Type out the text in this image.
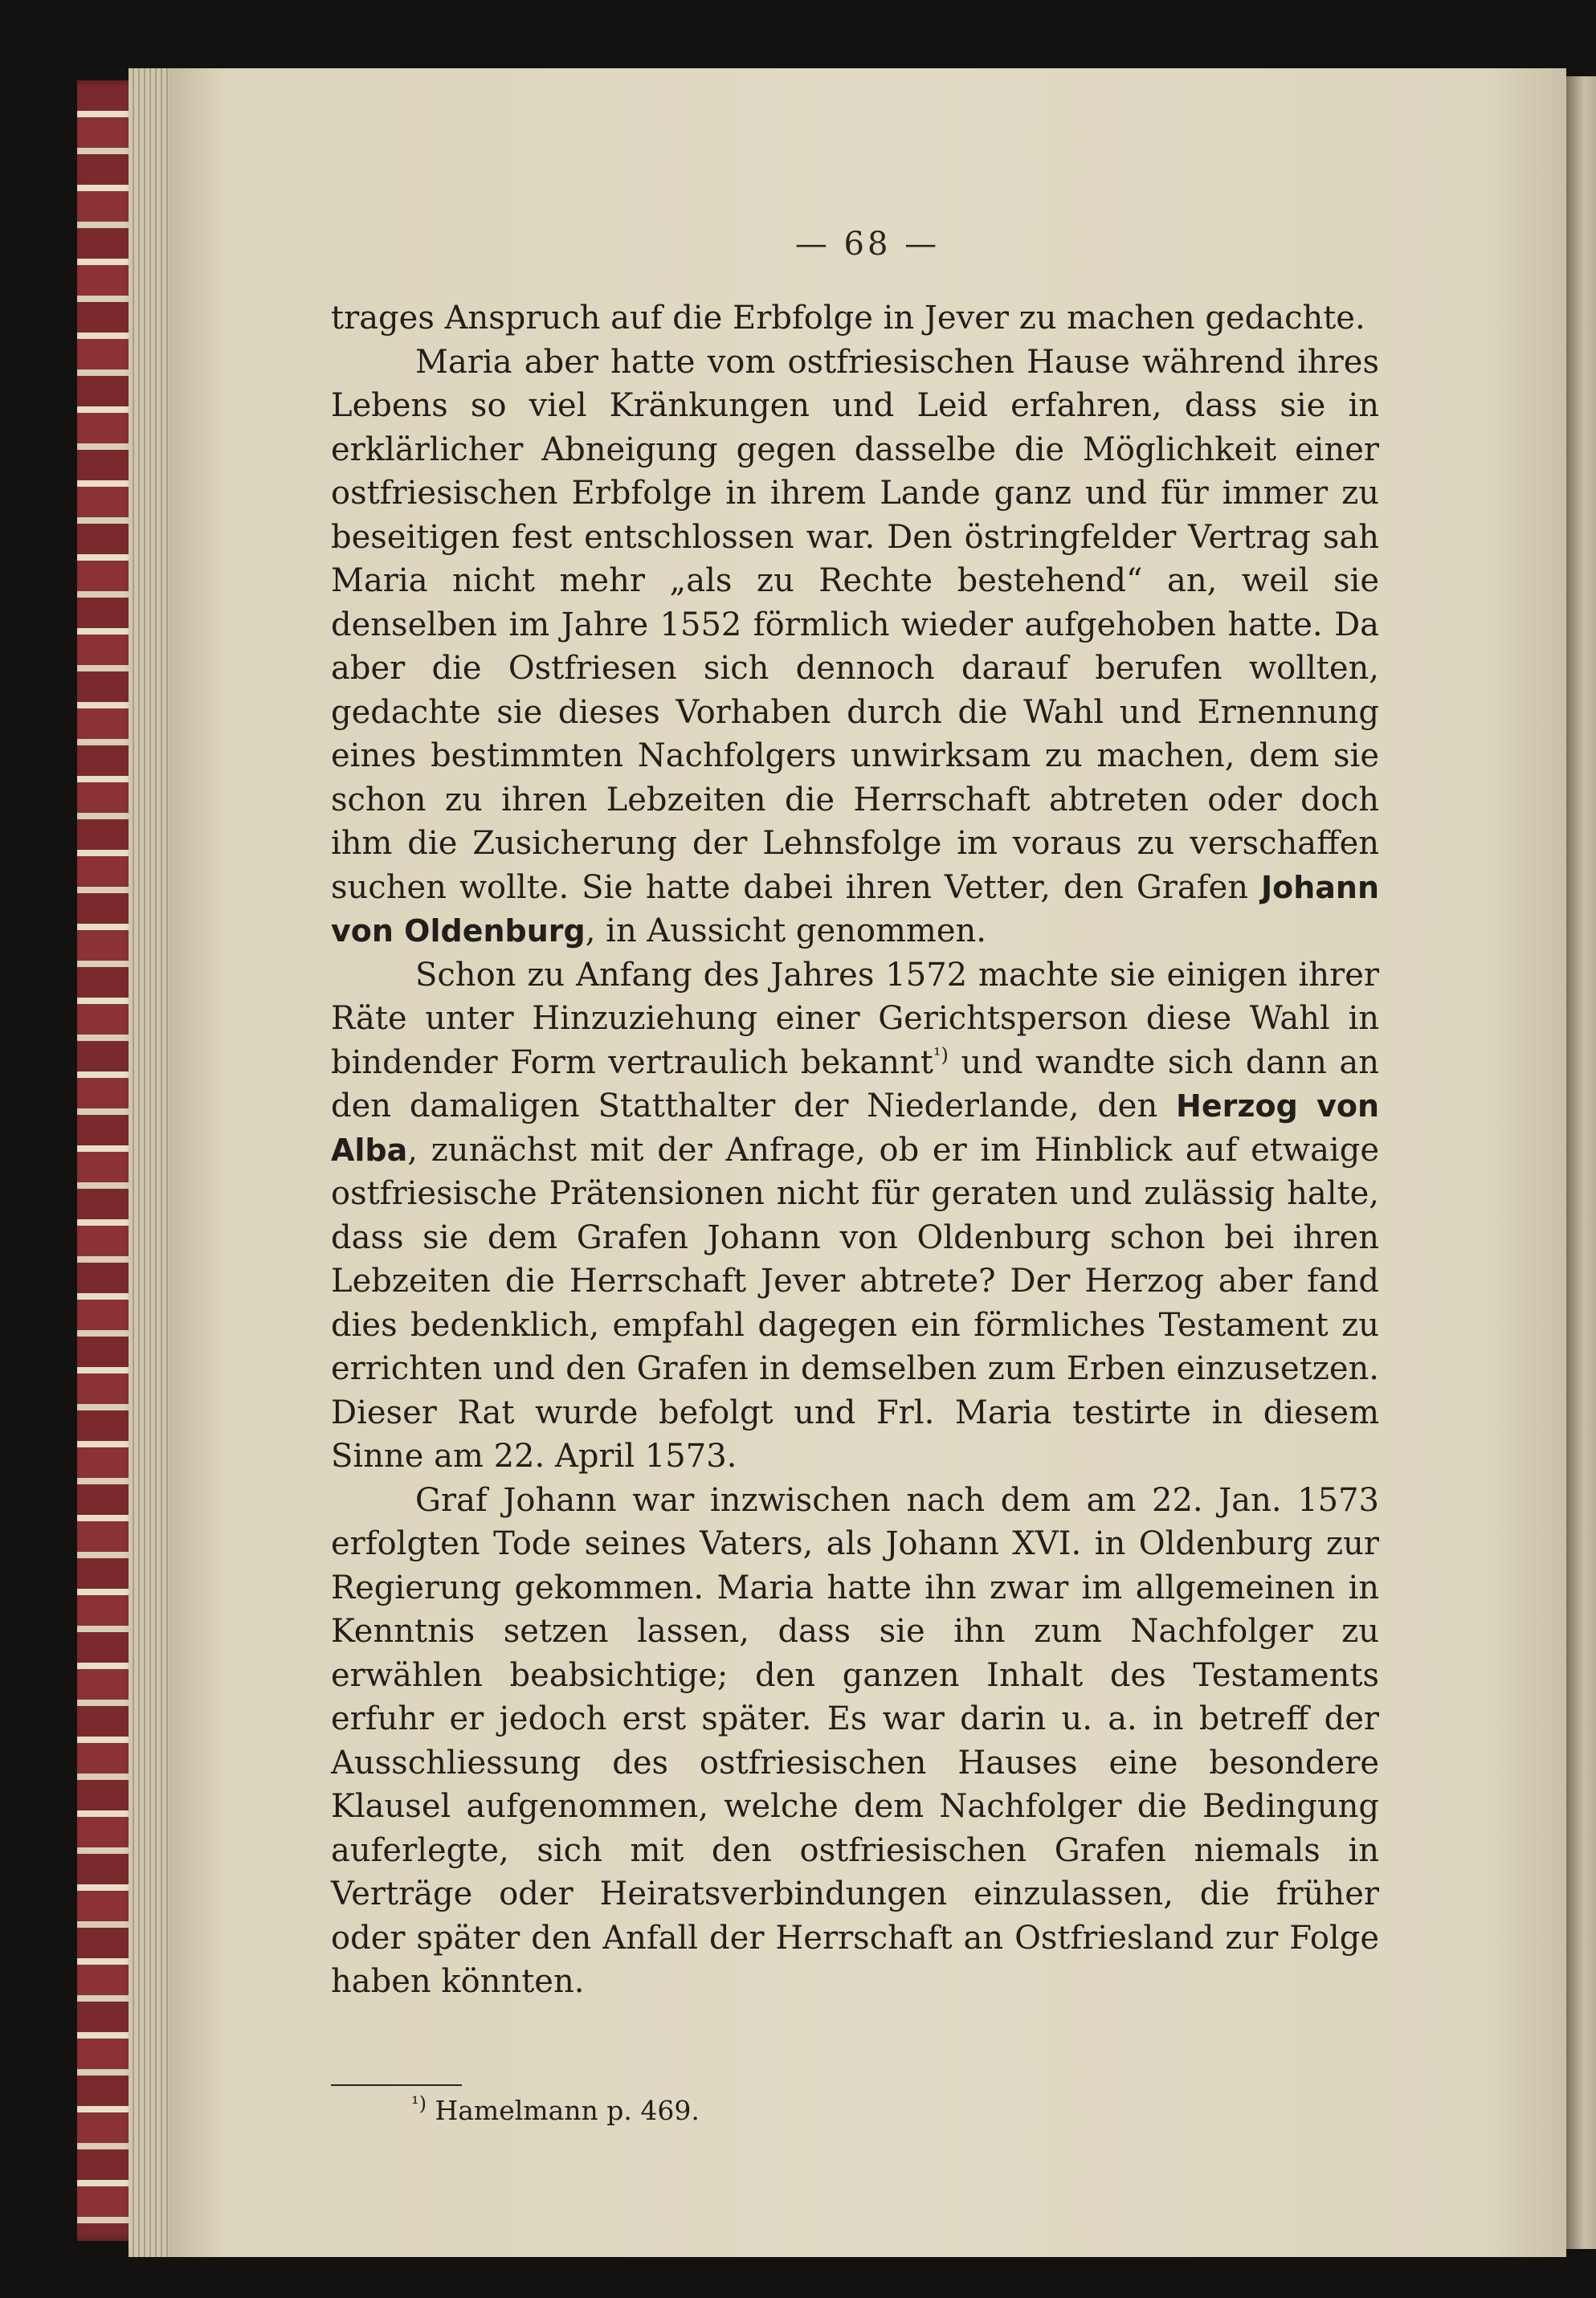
— 68 —

trages Anspruch auf die Erbfolge in Jever zu machen gedachte.

Maria aber hatte vom ostfriesischen Hause während ihres Lebens so viel Kränkungen und Leid erfahren, dass sie in erklärlicher Abneigung gegen dasselbe die Möglichkeit einer ostfriesischen Erbfolge in ihrem Lande ganz und für immer zu beseitigen fest entschlossen war. Den östringfelder Vertrag sah Maria nicht mehr „als zu Rechte bestehend“ an, weil sie denselben im Jahre 1552 förmlich wieder aufgehoben hatte. Da aber die Ostfriesen sich dennoch darauf berufen wollten, gedachte sie dieses Vorhaben durch die Wahl und Ernennung eines bestimmten Nachfolgers unwirksam zu machen, dem sie schon zu ihren Lebzeiten die Herrschaft abtreten oder doch ihm die Zusicherung der Lehnsfolge im voraus zu verschaffen suchen wollte. Sie hatte dabei ihren Vetter, den Grafen Johann von Oldenburg, in Aussicht genommen.

Schon zu Anfang des Jahres 1572 machte sie einigen ihrer Räte unter Hinzuziehung einer Gerichtsperson diese Wahl in bindender Form vertraulich bekannt$^{^1)}$ und wandte sich dann an den damaligen Statthalter der Niederlande, den Herzog von Alba, zunächst mit der Anfrage, ob er im Hinblick auf etwaige ostfriesische Prätensionen nicht für geraten und zulässig halte, dass sie dem Grafen Johann von Oldenburg schon bei ihren Lebzeiten die Herrschaft Jever abtrete? Der Herzog aber fand dies bedenklich, empfahl dagegen ein förmliches Testament zu errichten und den Grafen in demselben zum Erben einzusetzen. Dieser Rat wurde befolgt und Frl. Maria testirte in diesem Sinne am 22. April 1573.

Graf Johann war inzwischen nach dem am 22. Jan. 1573 erfolgten Tode seines Vaters, als Johann XVI. in Oldenburg zur Regierung gekommen. Maria hatte ihn zwar im allgemeinen in Kenntnis setzen lassen, dass sie ihn zum Nachfolger zu erwählen beabsichtige; den ganzen Inhalt des Testaments erfuhr er jedoch erst später. Es war darin u. a. in betreff der Ausschliessung des ostfriesischen Hauses eine besondere Klausel aufgenommen, welche dem Nachfolger die Bedingung auferlegte, sich mit den ostfriesischen Grafen niemals in Verträge oder Heiratsverbindungen einzulassen, die früher oder später den Anfall der Herrschaft an Ostfriesland zur Folge haben könnten.

$^{^1)}$ Hamelmann p. 469.
